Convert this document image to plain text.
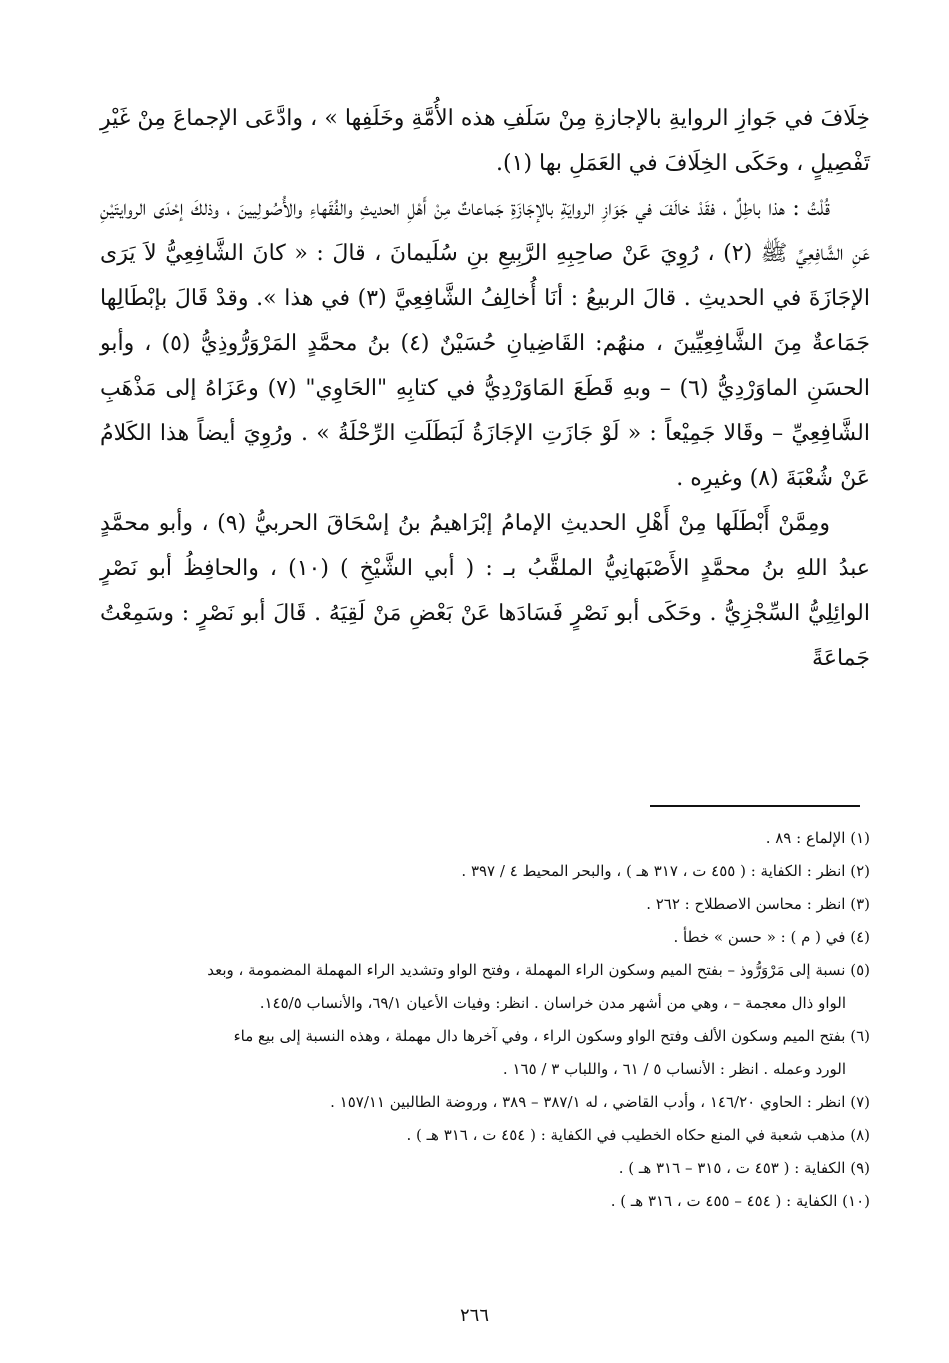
خِلَافَ في جَوازِ الروايةِ بالإجازةِ مِنْ سَلَفِ هذه الأُمَّةِ وخَلَفِها » ، وادَّعَى الإجماعَ مِنْ غَيْرِ تَفْصِيلٍ ، وحَكَى الخِلَافَ في العَمَلِ بها (١).

قُلْتُ : هذا باطِلٌ ، فقَدْ خالَفَ في جَوَازِ الروايَةِ بالإجَازَةِ جَماعاتٌ مِنْ أَهْلِ الحديثِ والفُقَهاءِ والأُصُولِيينَ ، وذلكَ إحْدَى الروايتَيْنِ عَنِ الشَّافِعِيِّ ﷺ (٢) ، رُوِيَ عَنْ صاحِبِهِ الرَّبِيعِ بنِ سُلَيمانَ ، قالَ : « كانَ الشَّافِعِيُّ لاَ يَرَى الإجَازَةَ في الحديثِ . قالَ الربيعُ : أنَا أُخالِفُ الشَّافِعِيَّ (٣) في هذا ». وقدْ قَالَ بإبْطَالِها جَمَاعةٌ مِنَ الشَّافِعِيِّينَ ، منهُم: القَاضِيانِ حُسَيْنٌ (٤) بنُ محمَّدٍ المَرْوَرُّوذِيُّ (٥) ، وأبو الحسَنِ الماوَرْدِيُّ (٦) – وبهِ قَطَعَ المَاوَرْدِيُّ في كتابِهِ "الحَاوِي" (٧) وعَزَاهُ إلى مَذْهَبِ الشَّافِعِيِّ – وقَالا جَمِيْعاً : « لَوْ جَازَتِ الإجَازَةُ لَبَطَلَتِ الرِّحْلَةُ » . ورُوِيَ أيضاً هذا الكَلامُ عَنْ شُعْبَةَ (٨) وغيرِه .

ومِمَّنْ أَبْطَلَها مِنْ أَهْلِ الحديثِ الإمامُ إبْرَاهيمُ بنُ إسْحَاقَ الحربيُّ (٩) ، وأبو محمَّدٍ عبدُ اللهِ بنُ محمَّدٍ الأَصْبَهانِيُّ الملقَّبُ بـ : ( أبي الشَّيْخِ ) (١٠) ، والحافِظُ أبو نَصْرٍ الوائِلِيُّ السِّجْزِيُّ . وحَكَى أبو نَصْرٍ فَسَادَها عَنْ بَعْضِ مَنْ لَقِيَهُ . قَالَ أبو نَصْرٍ : وسَمِعْتُ جَماعَةً

(١) الإلماع : ٨٩ .

(٢) انظر : الكفاية : ( ٤٥٥ ت ، ٣١٧ هـ ) ، والبحر المحيط ٤ / ٣٩٧ .

(٣) انظر : محاسن الاصطلاح : ٢٦٢ .

(٤) في ( م ) : « حسن » خطأ .

(٥) نسبة إلى مَرْوَرُّوذ – بفتح الميم وسكون الراء المهملة ، وفتح الواو وتشديد الراء المهملة المضمومة ، وبعد

الواو ذال معجمة – ، وهي من أشهر مدن خراسان . انظر: وفيات الأعيان ٦٩/١، والأنساب ١٤٥/٥.

(٦) بفتح الميم وسكون الألف وفتح الواو وسكون الراء ، وفي آخرها دال مهملة ، وهذه النسبة إلى بيع ماء

الورد وعمله . انظر : الأنساب ٥ / ٦١ ، واللباب ٣ / ١٦٥ .

(٧) انظر : الحاوي ١٤٦/٢٠ ، وأدب القاضي ، له ٣٨٧/١ – ٣٨٩ ، وروضة الطالبين ١٥٧/١١ .

(٨) مذهب شعبة في المنع حكاه الخطيب في الكفاية : ( ٤٥٤ ت ، ٣١٦ هـ ) .

(٩) الكفاية : ( ٤٥٣ ت ، ٣١٥ – ٣١٦ هـ ) .

(١٠) الكفاية : ( ٤٥٤ – ٤٥٥ ت ، ٣١٦ هـ ) .

٢٦٦
